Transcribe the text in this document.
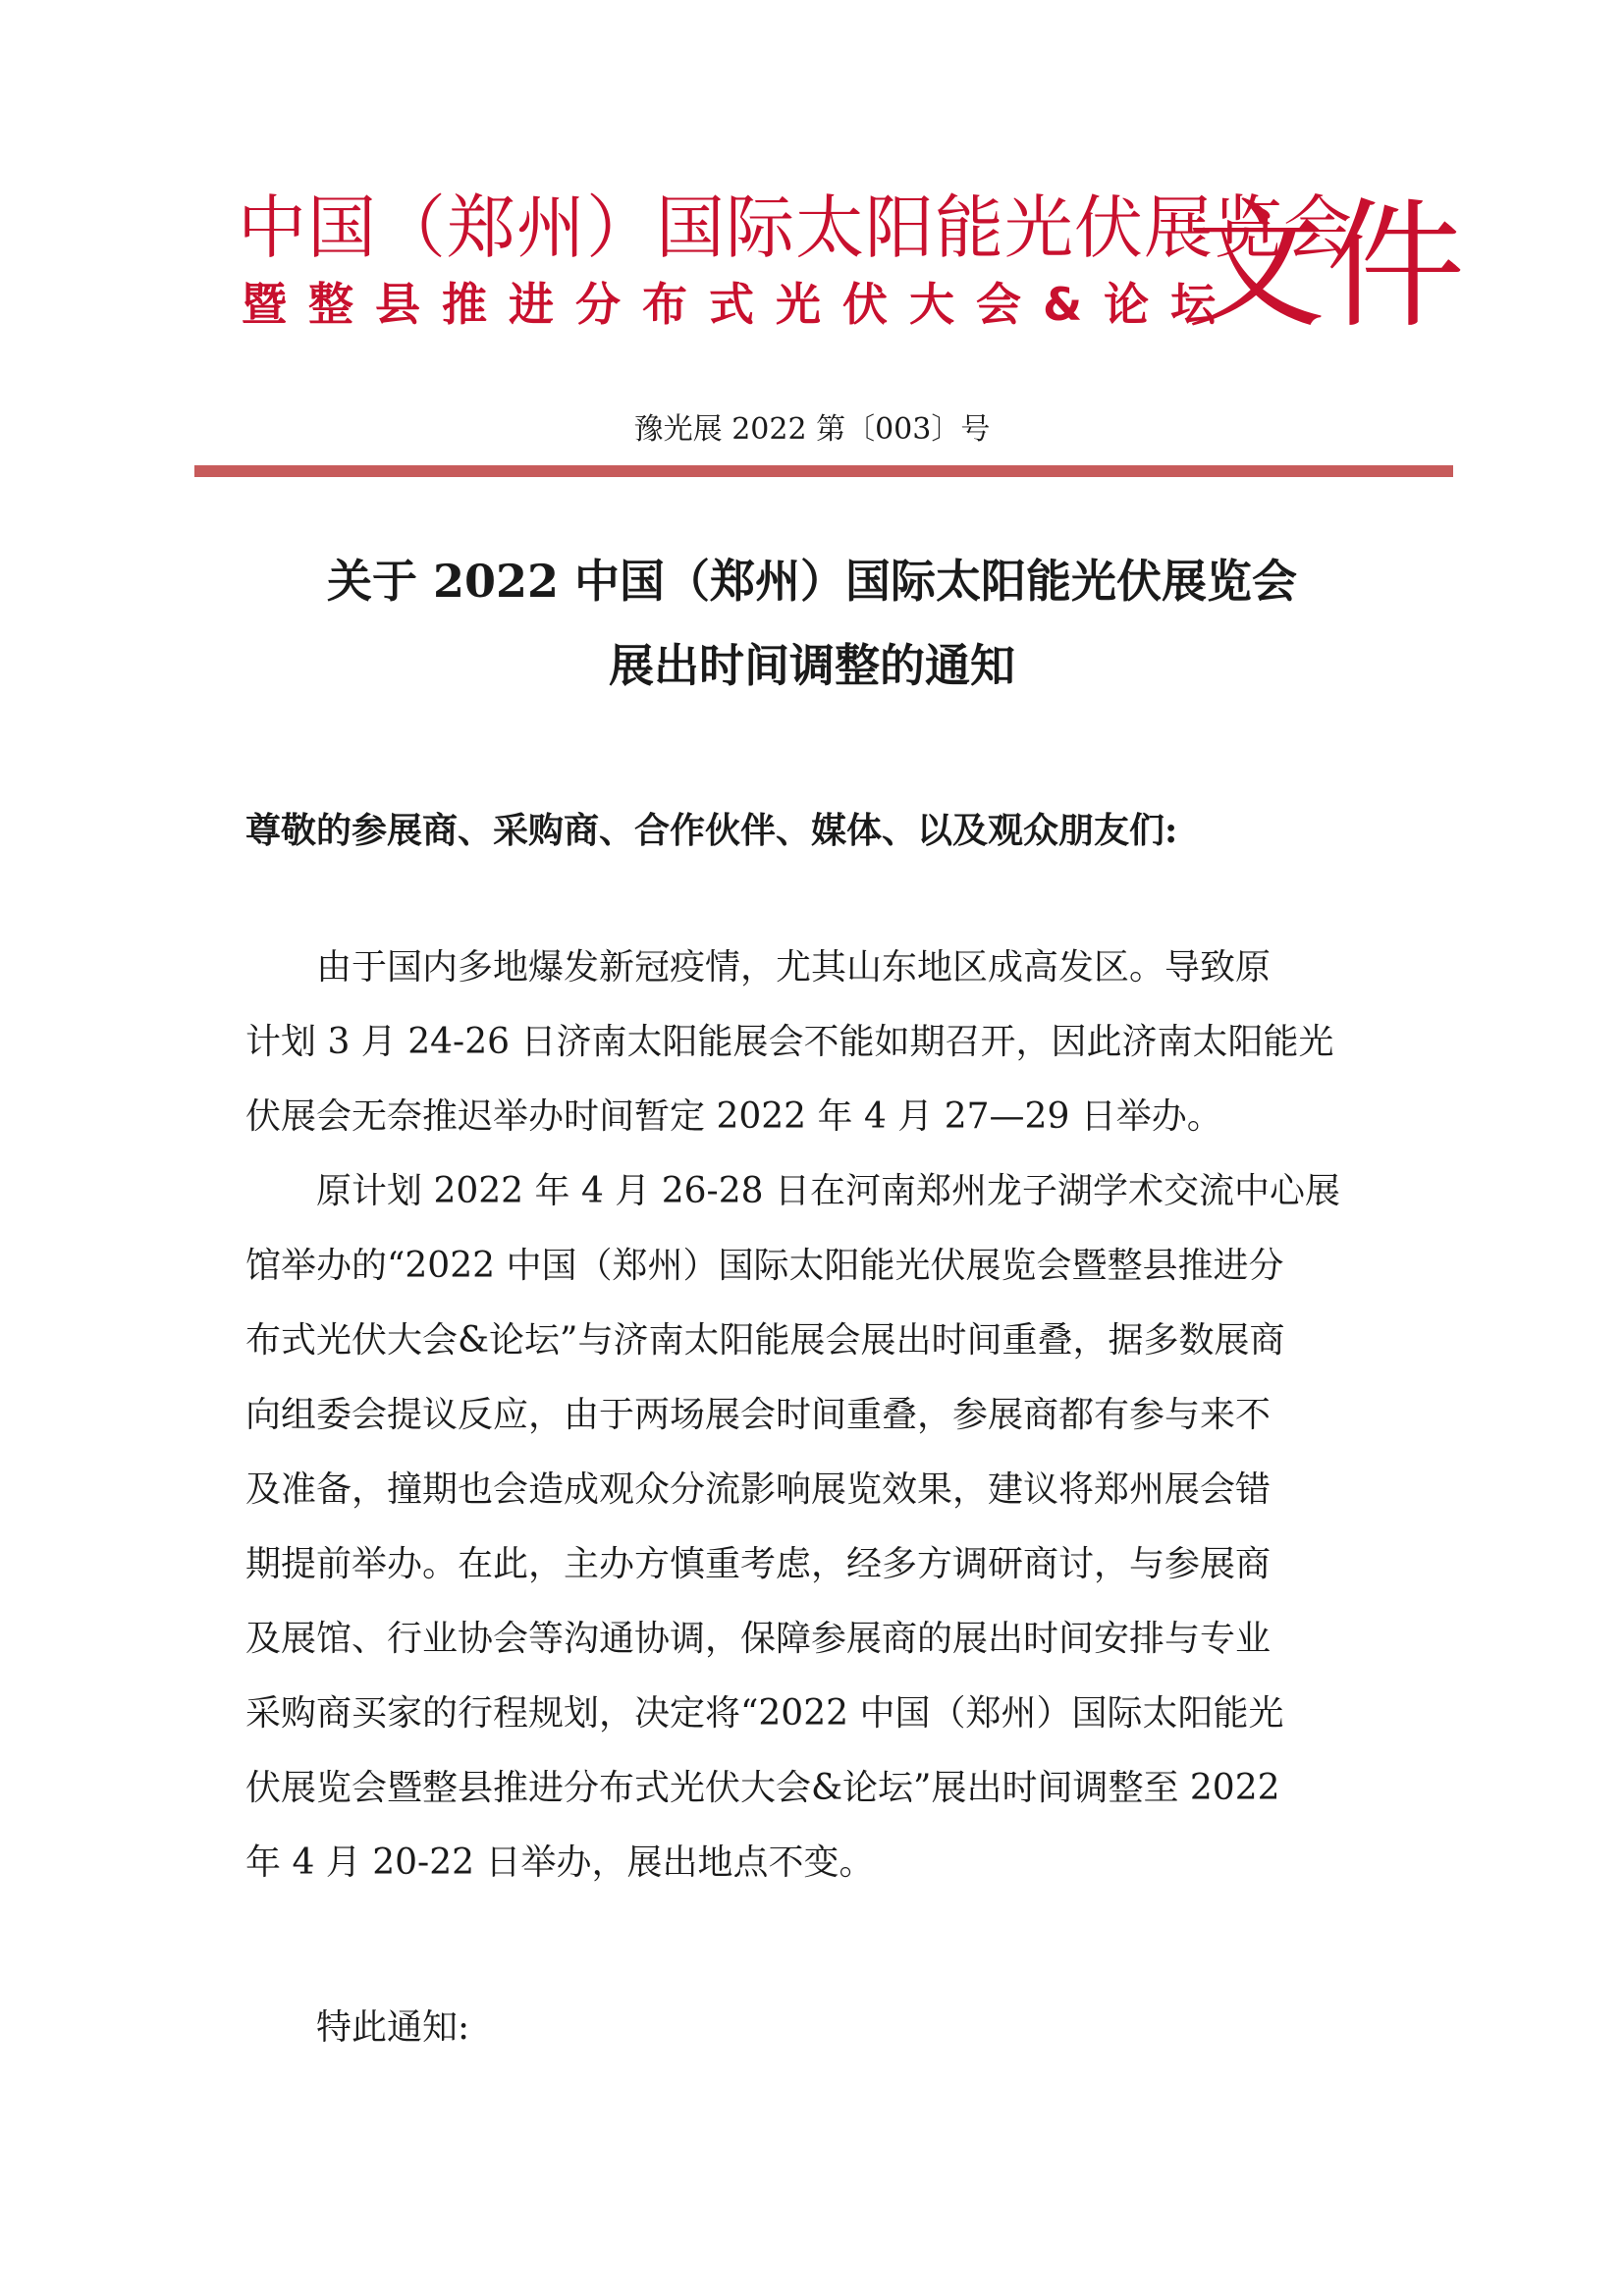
中国（郑州）国际太阳能光伏展览会
暨整县推进分布式光伏大会&论坛
文件
豫光展 2022 第〔003〕号
关于 2022 中国（郑州）国际太阳能光伏展览会
展出时间调整的通知
尊敬的参展商、采购商、合作伙伴、媒体、以及观众朋友们:
　　由于国内多地爆发新冠疫情，尤其山东地区成高发区。导致原
计划 3 月 24-26 日济南太阳能展会不能如期召开，因此济南太阳能光
伏展会无奈推迟举办时间暂定 2022 年 4 月 27—29 日举办。
　　原计划 2022 年 4 月 26-28 日在河南郑州龙子湖学术交流中心展
馆举办的“2022 中国（郑州）国际太阳能光伏展览会暨整县推进分
布式光伏大会&论坛”与济南太阳能展会展出时间重叠，据多数展商
向组委会提议反应，由于两场展会时间重叠，参展商都有参与来不
及准备，撞期也会造成观众分流影响展览效果，建议将郑州展会错
期提前举办。在此，主办方慎重考虑，经多方调研商讨，与参展商
及展馆、行业协会等沟通协调，保障参展商的展出时间安排与专业
采购商买家的行程规划，决定将“2022 中国（郑州）国际太阳能光
伏展览会暨整县推进分布式光伏大会&论坛”展出时间调整至 2022
年 4 月 20-22 日举办，展出地点不变。
　　特此通知:
